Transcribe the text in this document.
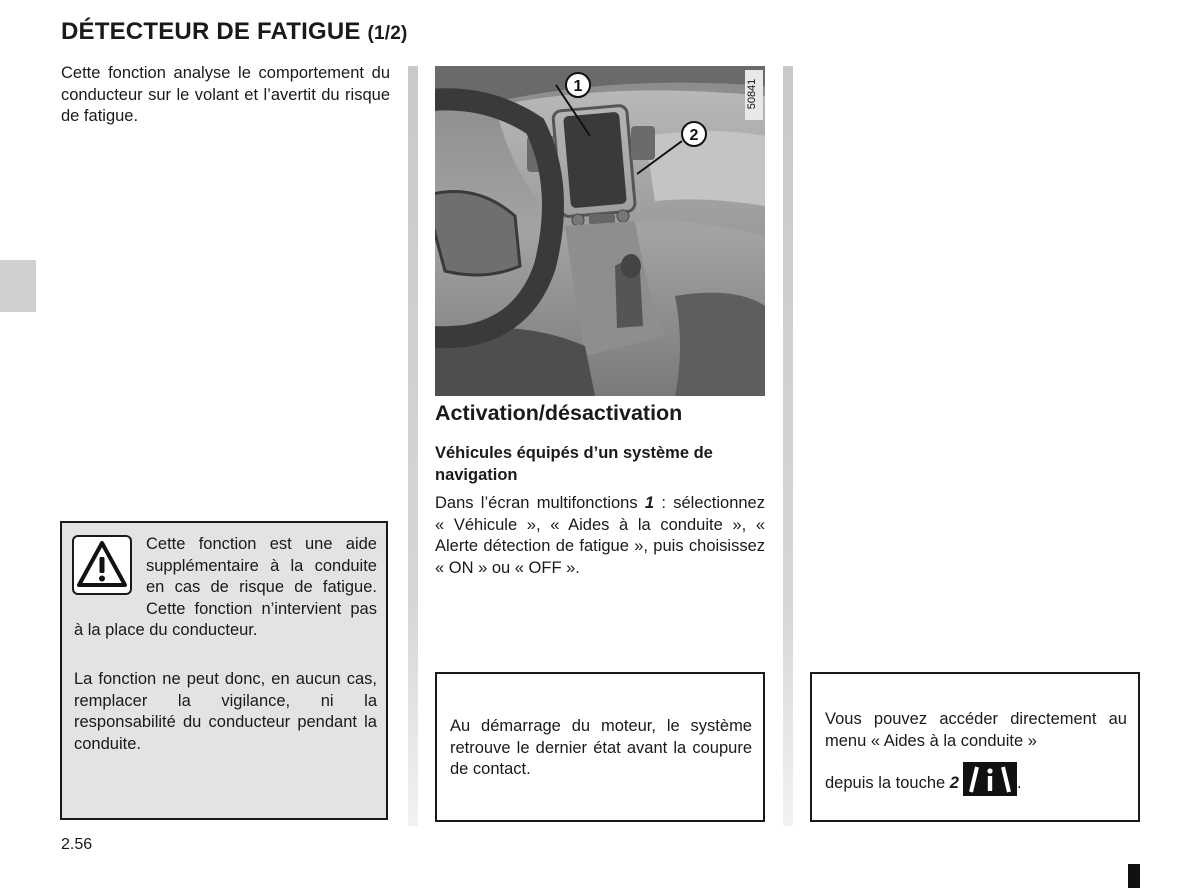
DÉTECTEUR DE FATIGUE (1/2)
Cette fonction analyse le comportement du conducteur sur le volant et l’avertit du risque de fatigue.
Cette fonction est une aide supplémentaire à la conduite en cas de risque de fatigue. Cette fonction n’intervient pas à la place du conducteur.
La fonction ne peut donc, en aucun cas, remplacer la vigilance, ni la responsabilité du conducteur pendant la conduite.
1
2
50841
Activation/désactivation
Véhicules équipés d’un système de navigation
Dans l’écran multifonctions 1 : sélectionnez « Véhicule », « Aides à la conduite », « Alerte détection de fatigue », puis choisissez « ON » ou « OFF ».
Au démarrage du moteur, le système retrouve le dernier état avant la coupure de contact.
Vous pouvez accéder directement au menu « Aides à la conduite »
depuis la touche 2	.
2.56
